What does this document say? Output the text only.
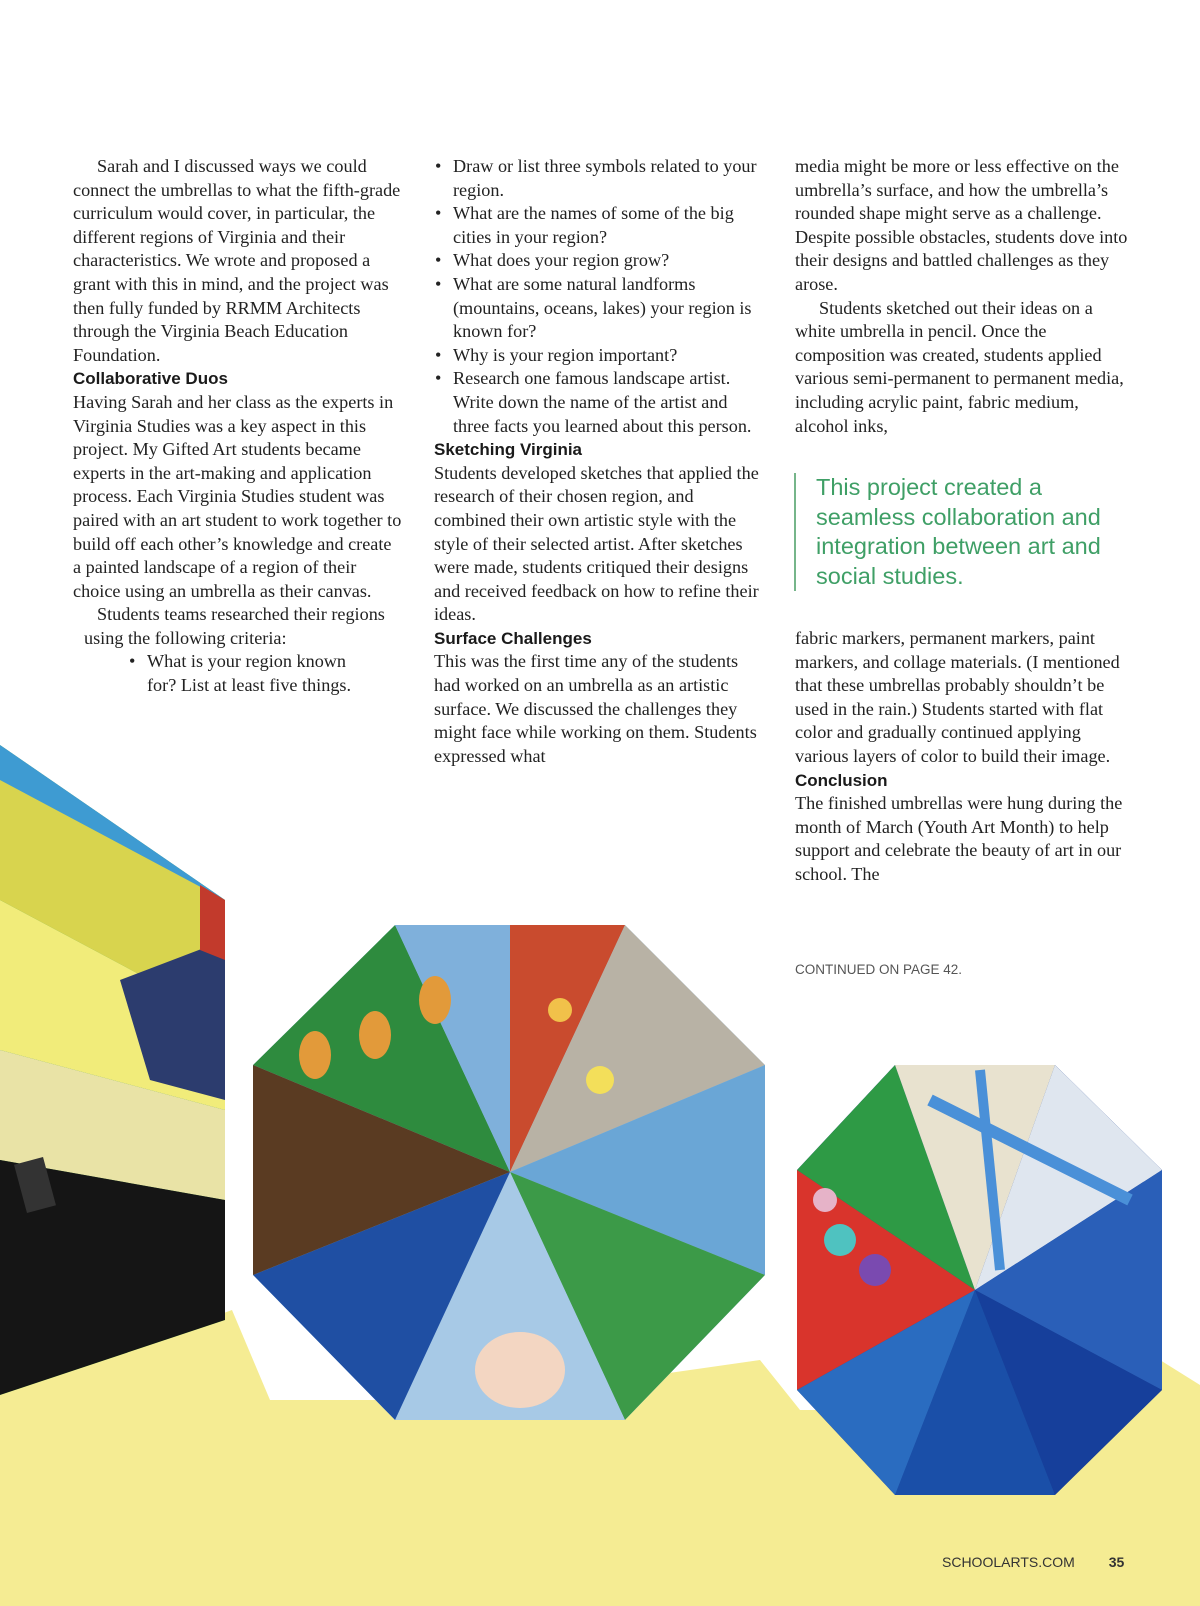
Sarah and I discussed ways we could connect the umbrellas to what the fifth-grade curriculum would cover, in particular, the different regions of Virginia and their characteristics. We wrote and proposed a grant with this in mind, and the project was then fully funded by RRMM Architects through the Virginia Beach Education Foundation.

Collaborative Duos

Having Sarah and her class as the experts in Virginia Studies was a key aspect in this project. My Gifted Art students became experts in the art-making and application process. Each Virginia Studies student was paired with an art student to work together to build off each other’s knowledge and create a painted landscape of a region of their choice using an umbrella as their canvas.

Students teams researched their regions using the following criteria:

• What is your region known for? List at least five things.
• Draw or list three symbols related to your region.
• What are the names of some of the big cities in your region?
• What does your region grow?
• What are some natural landforms (mountains, oceans, lakes) your region is known for?
• Why is your region important?
• Research one famous landscape artist. Write down the name of the artist and three facts you learned about this person.

Sketching Virginia

Students developed sketches that applied the research of their chosen region, and combined their own artistic style with the style of their selected artist. After sketches were made, students critiqued their designs and received feedback on how to refine their ideas.

Surface Challenges

This was the first time any of the students had worked on an umbrella as an artistic surface. We discussed the challenges they might face while working on them. Students expressed what

media might be more or less effective on the umbrella’s surface, and how the umbrella’s rounded shape might serve as a challenge. Despite possible obstacles, students dove into their designs and battled challenges as they arose.

Students sketched out their ideas on a white umbrella in pencil. Once the composition was created, students applied various semi-permanent to permanent media, including acrylic paint, fabric medium, alcohol inks,

This project created a seamless collaboration and integration between art and social studies.

fabric markers, permanent markers, paint markers, and collage materials. (I mentioned that these umbrellas probably shouldn’t be used in the rain.) Students started with flat color and gradually continued applying various layers of color to build their image.

Conclusion

The finished umbrellas were hung during the month of March (Youth Art Month) to help support and celebrate the beauty of art in our school. The

CONTINUED ON PAGE 42.
SCHOOLARTS.COM 35
